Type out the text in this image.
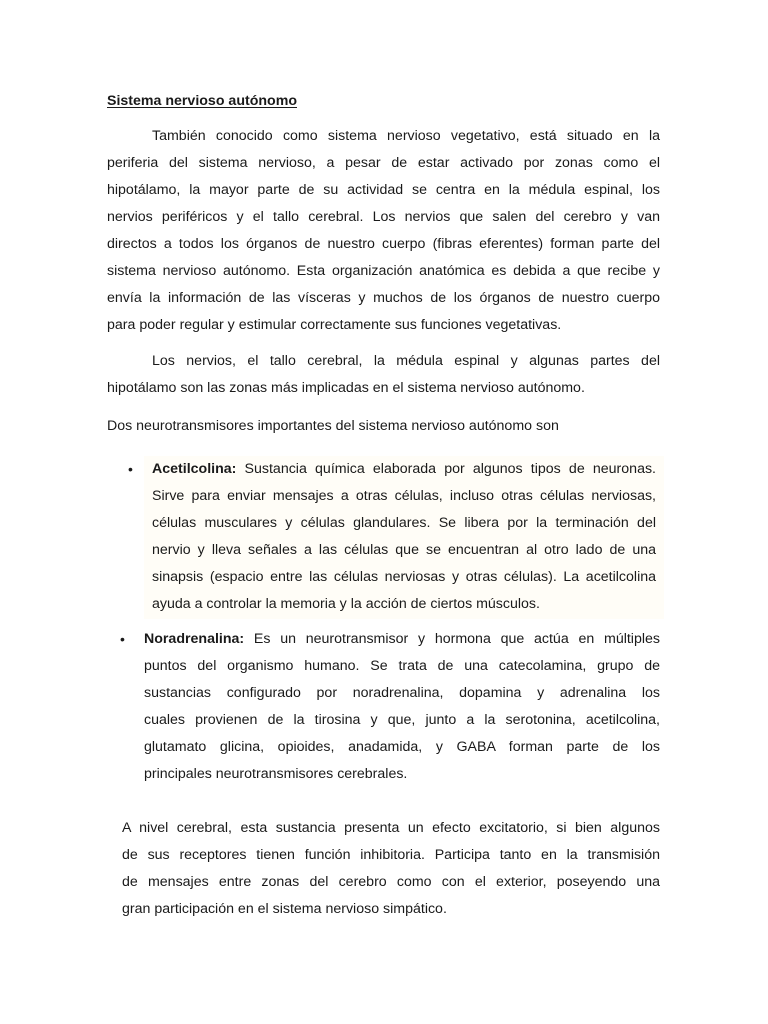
Sistema nervioso autónomo
También conocido como sistema nervioso vegetativo, está situado en la
periferia del sistema nervioso, a pesar de estar activado por zonas como el
hipotálamo, la mayor parte de su actividad se centra en la médula espinal, los
nervios periféricos y el tallo cerebral. Los nervios que salen del cerebro y van
directos a todos los órganos de nuestro cuerpo (fibras eferentes) forman parte del
sistema nervioso autónomo. Esta organización anatómica es debida a que recibe y
envía la información de las vísceras y muchos de los órganos de nuestro cuerpo
para poder regular y estimular correctamente sus funciones vegetativas.
Los nervios, el tallo cerebral, la médula espinal y algunas partes del
hipotálamo son las zonas más implicadas en el sistema nervioso autónomo.
Dos neurotransmisores importantes del sistema nervioso autónomo son
•	Acetilcolina: Sustancia química elaborada por algunos tipos de neuronas.
Sirve para enviar mensajes a otras células, incluso otras células nerviosas,
células musculares y células glandulares. Se libera por la terminación del
nervio y lleva señales a las células que se encuentran al otro lado de una
sinapsis (espacio entre las células nerviosas y otras células). La acetilcolina
ayuda a controlar la memoria y la acción de ciertos músculos.
• Noradrenalina: Es un neurotransmisor y hormona que actúa en múltiples
puntos del organismo humano. Se trata de una catecolamina, grupo de
sustancias configurado por noradrenalina, dopamina y adrenalina los
cuales provienen de la tirosina y que, junto a la serotonina, acetilcolina,
glutamato glicina, opioides, anadamida, y GABA forman parte de los
principales neurotransmisores cerebrales.
A nivel cerebral, esta sustancia presenta un efecto excitatorio, si bien algunos
de sus receptores tienen función inhibitoria. Participa tanto en la transmisión
de mensajes entre zonas del cerebro como con el exterior, poseyendo una
gran participación en el sistema nervioso simpático.
